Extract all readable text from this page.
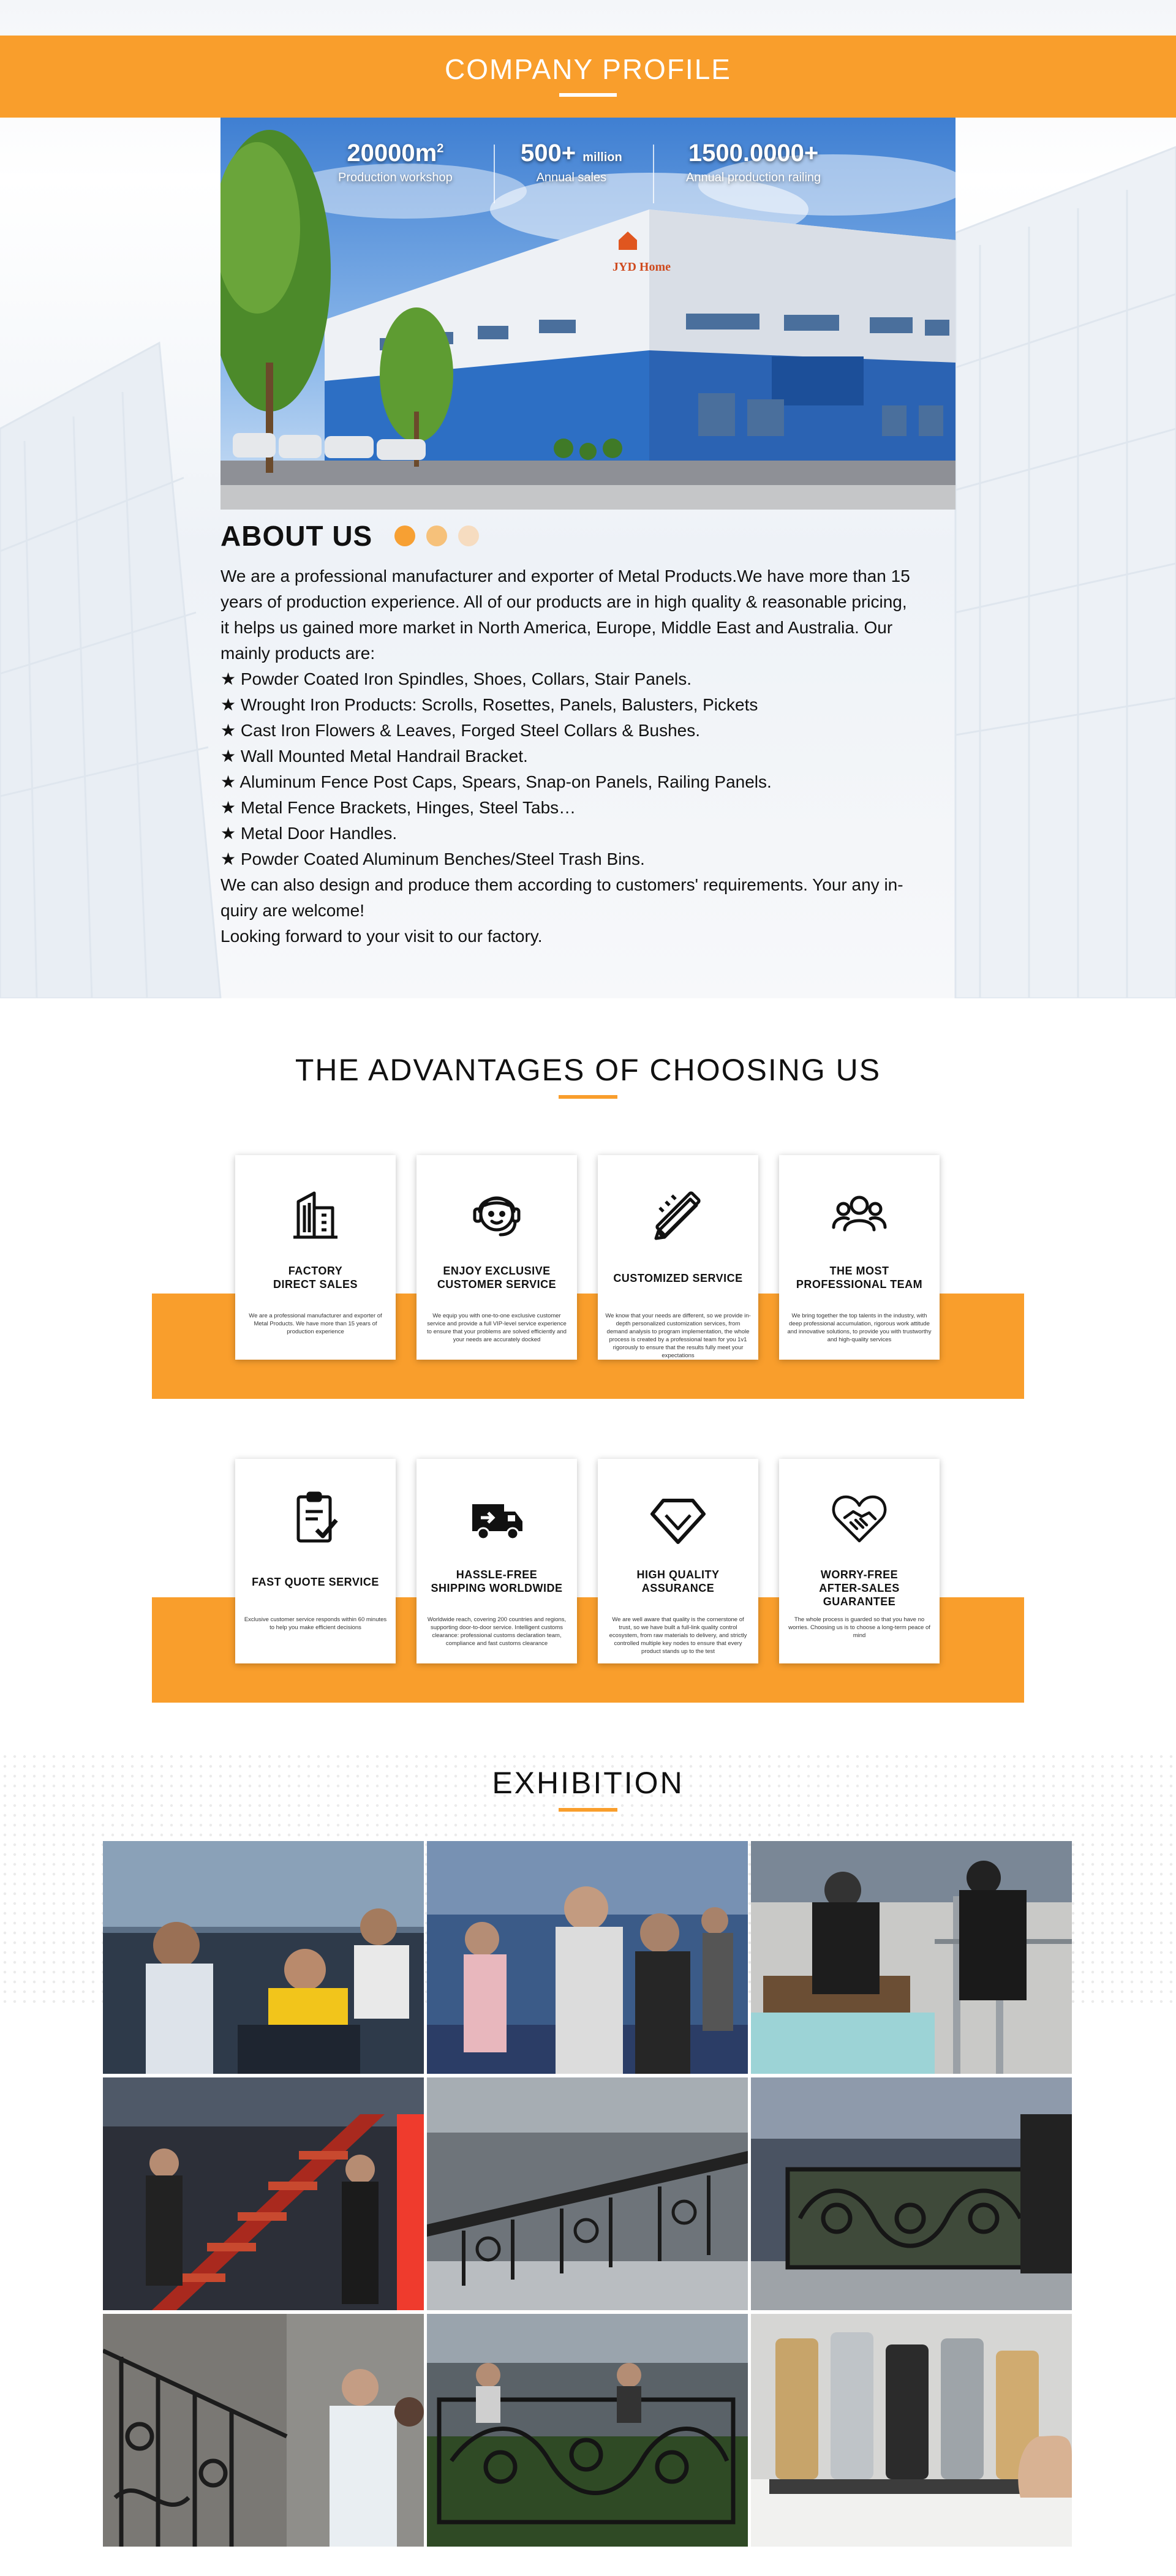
COMPANY PROFILE
JYD Home
$20000m^2$
Production workshop
500+ million
Annual sales
1500.0000+
Annual production railing
ABOUT US

We are a professional manufacturer and exporter of Metal Products.We have more than 15

years of production experience. All of our products are in high quality & reasonable pricing,

it helps us gained more market in North America, Europe, Middle East and Australia. Our

mainly products are:

★ Powder Coated Iron Spindles, Shoes, Collars, Stair Panels.

★ Wrought Iron Products: Scrolls, Rosettes, Panels, Balusters, Pickets

★ Cast Iron Flowers & Leaves, Forged Steel Collars & Bushes.

★ Wall Mounted Metal Handrail Bracket.

★ Aluminum Fence Post Caps, Spears, Snap-on Panels, Railing Panels.

★ Metal Fence Brackets, Hinges, Steel Tabs…

★ Metal Door Handles.

★ Powder Coated Aluminum Benches/Steel Trash Bins.

We can also design and produce them according to customers' requirements. Your any in-

quiry are welcome!

Looking forward to your visit to our factory.

THE ADVANTAGES OF CHOOSING US
FACTORY
DIRECT SALES
We are a professional manufacturer and exporter of Metal Products. We have more than 15 years of production experience
ENJOY EXCLUSIVE
CUSTOMER SERVICE
We equip you with one-to-one exclusive customer service and provide a full VIP-level service experience to ensure that your problems are solved efficiently and your needs are accurately docked
CUSTOMIZED SERVICE
We know that your needs are different, so we provide in-depth personalized customization services, from demand analysis to program implementation, the whole process is created by a professional team for you 1v1 rigorously to ensure that the results fully meet your expectations
THE MOST
PROFESSIONAL TEAM
We bring together the top talents in the industry, with deep professional accumulation, rigorous work attitude and innovative solutions, to provide you with trustworthy and high-quality services
FAST QUOTE SERVICE
Exclusive customer service responds within 60 minutes to help you make efficient decisions
HASSLE-FREE
SHIPPING WORLDWIDE
Worldwide reach, covering 200 countries and regions, supporting door-to-door service. Intelligent customs clearance: professional customs declaration team, compliance and fast customs clearance
HIGH QUALITY
ASSURANCE
We are well aware that quality is the cornerstone of trust, so we have built a full-link quality control ecosystem, from raw materials to delivery, and strictly controlled multiple key nodes to ensure that every product stands up to the test
WORRY-FREE
AFTER-SALES GUARANTEE
The whole process is guarded so that you have no worries. Choosing us is to choose a long-term peace of mind
EXHIBITION
